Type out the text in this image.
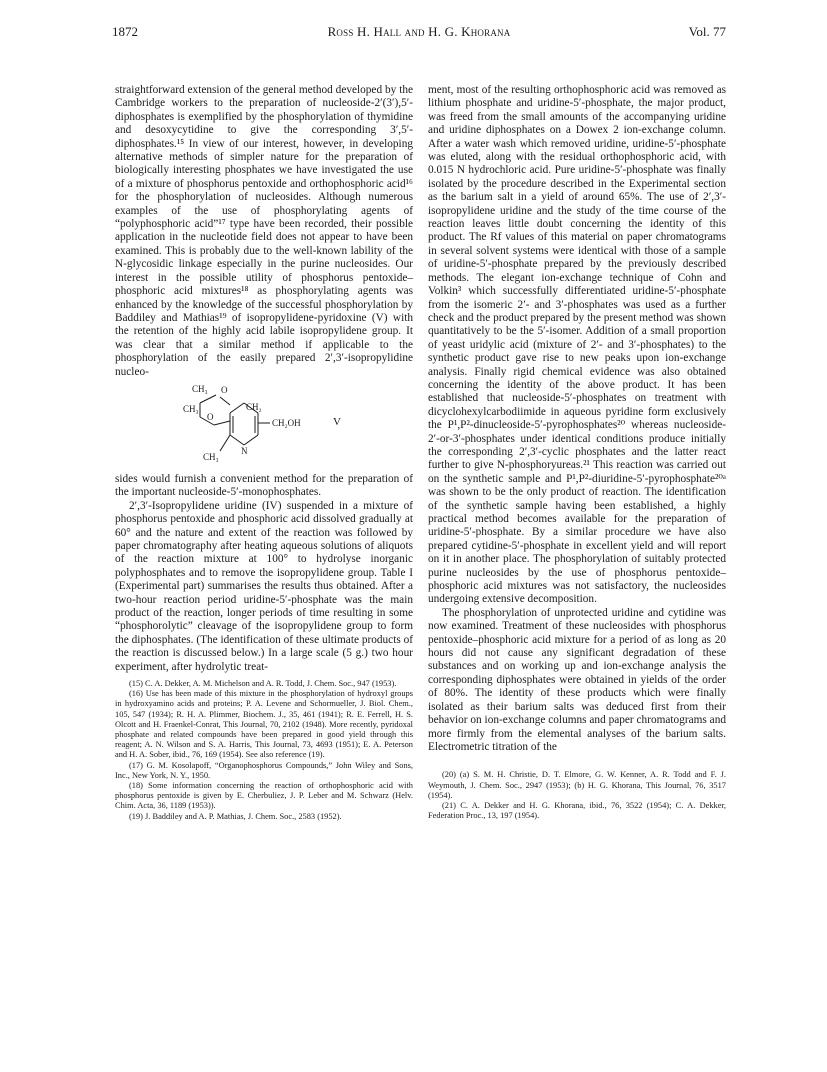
1872	Ross H. Hall and H. G. Khorana	Vol. 77

straightforward extension of the general method developed by the Cambridge workers to the preparation of nucleoside-2′(3′),5′-diphosphates is exemplified by the phosphorylation of thymidine and desoxycytidine to give the corresponding 3′,5′-diphosphates.¹⁵ In view of our interest, however, in developing alternative methods of simpler nature for the preparation of biologically interesting phosphates we have investigated the use of a mixture of phosphorus pentoxide and orthophosphoric acid¹⁶ for the phosphorylation of nucleosides. Although numerous examples of the use of phosphorylating agents of “polyphosphoric acid”¹⁷ type have been recorded, their possible application in the nucleotide field does not appear to have been examined. This is probably due to the well-known lability of the N-glycosidic linkage especially in the purine nucleosides. Our interest in the possible utility of phosphorus pentoxide–phosphoric acid mixtures¹⁸ as phosphorylating agents was enhanced by the knowledge of the successful phosphorylation by Baddiley and Mathias¹⁹ of isopropylidene-pyridoxine (V) with the retention of the highly acid labile isopropylidene group. It was clear that a similar method if applicable to the phosphorylation of the easily prepared 2′,3′-isopropylidine nucleo-

CH₃ O
CH₃
O
CH₂
CH₂OH	V
CH₃
N

sides would furnish a convenient method for the preparation of the important nucleoside-5′-monophosphates.

2′,3′-Isopropylidene uridine (IV) suspended in a mixture of phosphorus pentoxide and phosphoric acid dissolved gradually at 60° and the nature and extent of the reaction was followed by paper chromatography after heating aqueous solutions of aliquots of the reaction mixture at 100° to hydrolyse inorganic polyphosphates and to remove the isopropylidene group. Table I (Experimental part) summarises the results thus obtained. After a two-hour reaction period uridine-5′-phosphate was the main product of the reaction, longer periods of time resulting in some “phosphorolytic” cleavage of the isopropylidene group to form the diphosphates. (The identification of these ultimate products of the reaction is discussed below.) In a large scale (5 g.) two hour experiment, after hydrolytic treat-

(15) C. A. Dekker, A. M. Michelson and A. R. Todd, J. Chem. Soc., 947 (1953).

(16) Use has been made of this mixture in the phosphorylation of hydroxyl groups in hydroxyamino acids and proteins; P. A. Levene and Schormueller, J. Biol. Chem., 105, 547 (1934); R. H. A. Plimmer, Biochem. J., 35, 461 (1941); R. E. Ferrell, H. S. Olcott and H. Fraenkel-Conrat, This Journal, 70, 2102 (1948). More recently, pyridoxal phosphate and related compounds have been prepared in good yield through this reagent; A. N. Wilson and S. A. Harris, This Journal, 73, 4693 (1951); E. A. Peterson and H. A. Sober, ibid., 76, 169 (1954). See also reference (19).

(17) G. M. Kosolapoff, “Organophosphorus Compounds,” John Wiley and Sons, Inc., New York, N. Y., 1950.

(18) Some information concerning the reaction of orthophosphoric acid with phosphorus pentoxide is given by E. Cherbuliez, J. P. Leber and M. Schwarz (Helv. Chim. Acta, 36, 1189 (1953)).

(19) J. Baddiley and A. P. Mathias, J. Chem. Soc., 2583 (1952).

ment, most of the resulting orthophosphoric acid was removed as lithium phosphate and uridine-5′-phosphate, the major product, was freed from the small amounts of the accompanying uridine and uridine diphosphates on a Dowex 2 ion-exchange column. After a water wash which removed uridine, uridine-5′-phosphate was eluted, along with the residual orthophosphoric acid, with 0.015 N hydrochloric acid. Pure uridine-5′-phosphate was finally isolated by the procedure described in the Experimental section as the barium salt in a yield of around 65%. The use of 2′,3′-isopropylidene uridine and the study of the time course of the reaction leaves little doubt concerning the identity of this product. The Rf values of this material on paper chromatograms in several solvent systems were identical with those of a sample of uridine-5′-phosphate prepared by the previously described methods. The elegant ion-exchange technique of Cohn and Volkin³ which successfully differentiated uridine-5′-phosphate from the isomeric 2′- and 3′-phosphates was used as a further check and the product prepared by the present method was shown quantitatively to be the 5′-isomer. Addition of a small proportion of yeast uridylic acid (mixture of 2′- and 3′-phosphates) to the synthetic product gave rise to new peaks upon ion-exchange analysis. Finally rigid chemical evidence was also obtained concerning the identity of the above product. It has been established that nucleoside-5′-phosphates on treatment with dicyclohexylcarbodiimide in aqueous pyridine form exclusively the P¹,P²-dinucleoside-5′-pyrophosphates²⁰ whereas nucleoside-2′-or-3′-phosphates under identical conditions produce initially the corresponding 2′,3′-cyclic phosphates and the latter react further to give N-phosphoryureas.²¹ This reaction was carried out on the synthetic sample and P¹,P²-diuridine-5′-pyrophosphate²⁰ᵃ was shown to be the only product of reaction. The identification of the synthetic sample having been established, a highly practical method becomes available for the preparation of uridine-5′-phosphate. By a similar procedure we have also prepared cytidine-5′-phosphate in excellent yield and will report on it in another place. The phosphorylation of suitably protected purine nucleosides by the use of phosphorus pentoxide–phosphoric acid mixtures was not satisfactory, the nucleosides undergoing extensive decomposition.

The phosphorylation of unprotected uridine and cytidine was now examined. Treatment of these nucleosides with phosphorus pentoxide–phosphoric acid mixture for a period of as long as 20 hours did not cause any significant degradation of these substances and on working up and ion-exchange analysis the corresponding diphosphates were obtained in yields of the order of 80%. The identity of these products which were finally isolated as their barium salts was deduced first from their behavior on ion-exchange columns and paper chromatograms and more firmly from the elemental analyses of the barium salts. Electrometric titration of the

(20) (a) S. M. H. Christie, D. T. Elmore, G. W. Kenner, A. R. Todd and F. J. Weymouth, J. Chem. Soc., 2947 (1953); (b) H. G. Khorana, This Journal, 76, 3517 (1954).

(21) C. A. Dekker and H. G. Khorana, ibid., 76, 3522 (1954); C. A. Dekker, Federation Proc., 13, 197 (1954).
